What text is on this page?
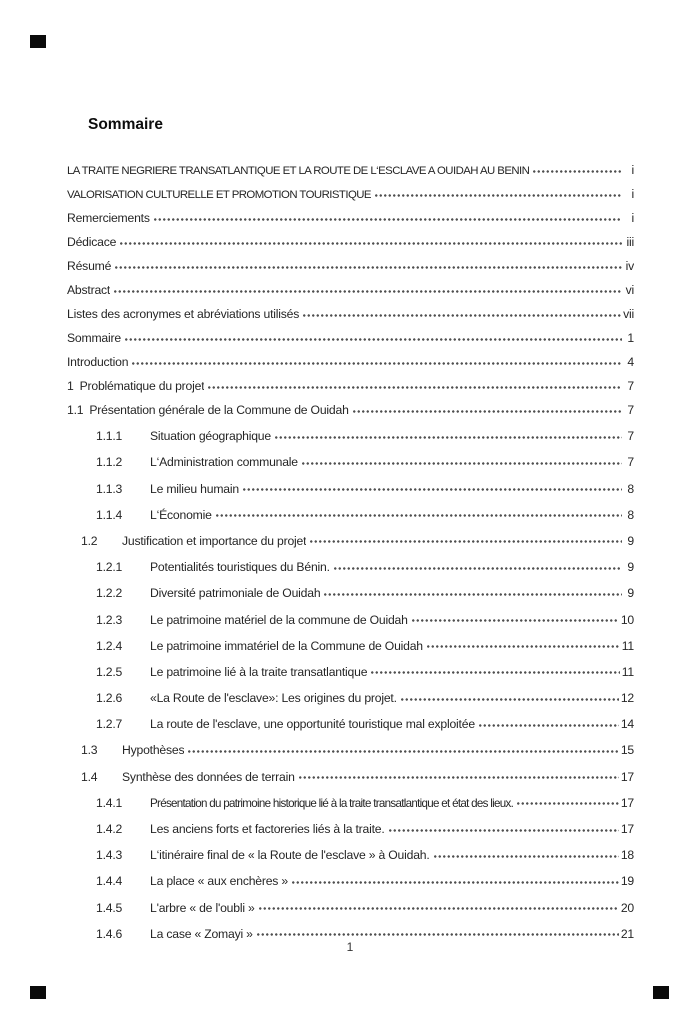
Sommaire
LA TRAITE NEGRIERE TRANSATLANTIQUE ET LA ROUTE DE L‘ESCLAVE A OUIDAH AU BENIN	i
VALORISATION CULTURELLE ET PROMOTION TOURISTIQUE	i
Remerciements	i
Dédicace	iii
Résumé	iv
Abstract	vi
Listes des acronymes et abréviations utilisés	vii
Sommaire	1
Introduction	4
1 Problématique du projet	7
1.1 Présentation générale de la Commune de Ouidah	7
1.1.1	Situation géographique	7
1.1.2	L‘Administration communale	7
1.1.3	Le milieu humain	8
1.1.4	L‘Économie	8
1.2	Justification et importance du projet	9
1.2.1	Potentialités touristiques du Bénin.	9
1.2.2	Diversité patrimoniale de Ouidah	9
1.2.3	Le patrimoine matériel de la commune de Ouidah	10
1.2.4	Le patrimoine immatériel de la Commune de Ouidah	11
1.2.5	Le patrimoine lié à la traite transatlantique	11
1.2.6	«La Route de l'esclave»: Les origines du projet.	12
1.2.7	La route de l'esclave, une opportunité touristique mal exploitée	14
1.3	Hypothèses	15
1.4	Synthèse des données de terrain	17
1.4.1	Présentation du patrimoine historique lié à la traite transatlantique et état des lieux.	17
1.4.2	Les anciens forts et factoreries liés à la traite.	17
1.4.3	L‘itinéraire final de « la Route de l'esclave » à Ouidah.	18
1.4.4	La place « aux enchères »	19
1.4.5	L'arbre « de l'oubli »	20
1.4.6	La case « Zomayi »	21
1
